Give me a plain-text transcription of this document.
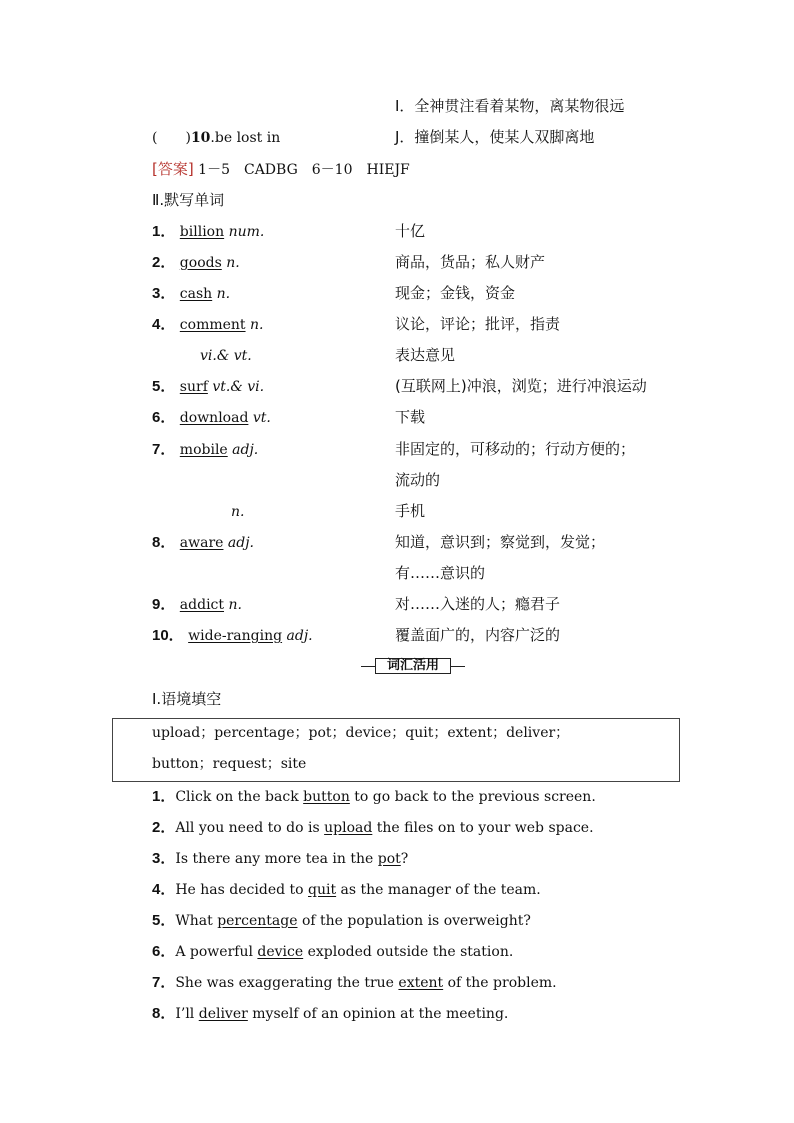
I．全神贯注看着某物，离某物很远
(　　)10.be lost in	J．撞倒某人，使某人双脚离地
[答案] 1－5　CADBG　6－10　HIEJF
Ⅱ.默写单词
1． billion num.	十亿
2． goods n.	商品，货品；私人财产
3． cash n.	现金；金钱，资金
4． comment n.	议论，评论；批评，指责
vi.& vt.	表达意见
5． surf vt.& vi.	(互联网上)冲浪，浏览；进行冲浪运动
6． download vt.	下载
7． mobile adj.	非固定的，可移动的；行动方便的；
流动的
n.	手机
8． aware adj.	知道，意识到；察觉到，发觉；
有……意识的
9． addict n.	对……入迷的人；瘾君子
10． wide-ranging adj.	覆盖面广的，内容广泛的
词汇活用
Ⅰ.语境填空
upload；percentage；pot；device；quit；extent；deliver；
button；request；site
1．Click on the back button to go back to the previous screen.
2．All you need to do is upload the files on to your web space.
3．Is there any more tea in the pot?
4．He has decided to quit as the manager of the team.
5．What percentage of the population is overweight?
6．A powerful device exploded outside the station.
7．She was exaggerating the true extent of the problem.
8．I’ll deliver myself of an opinion at the meeting.
